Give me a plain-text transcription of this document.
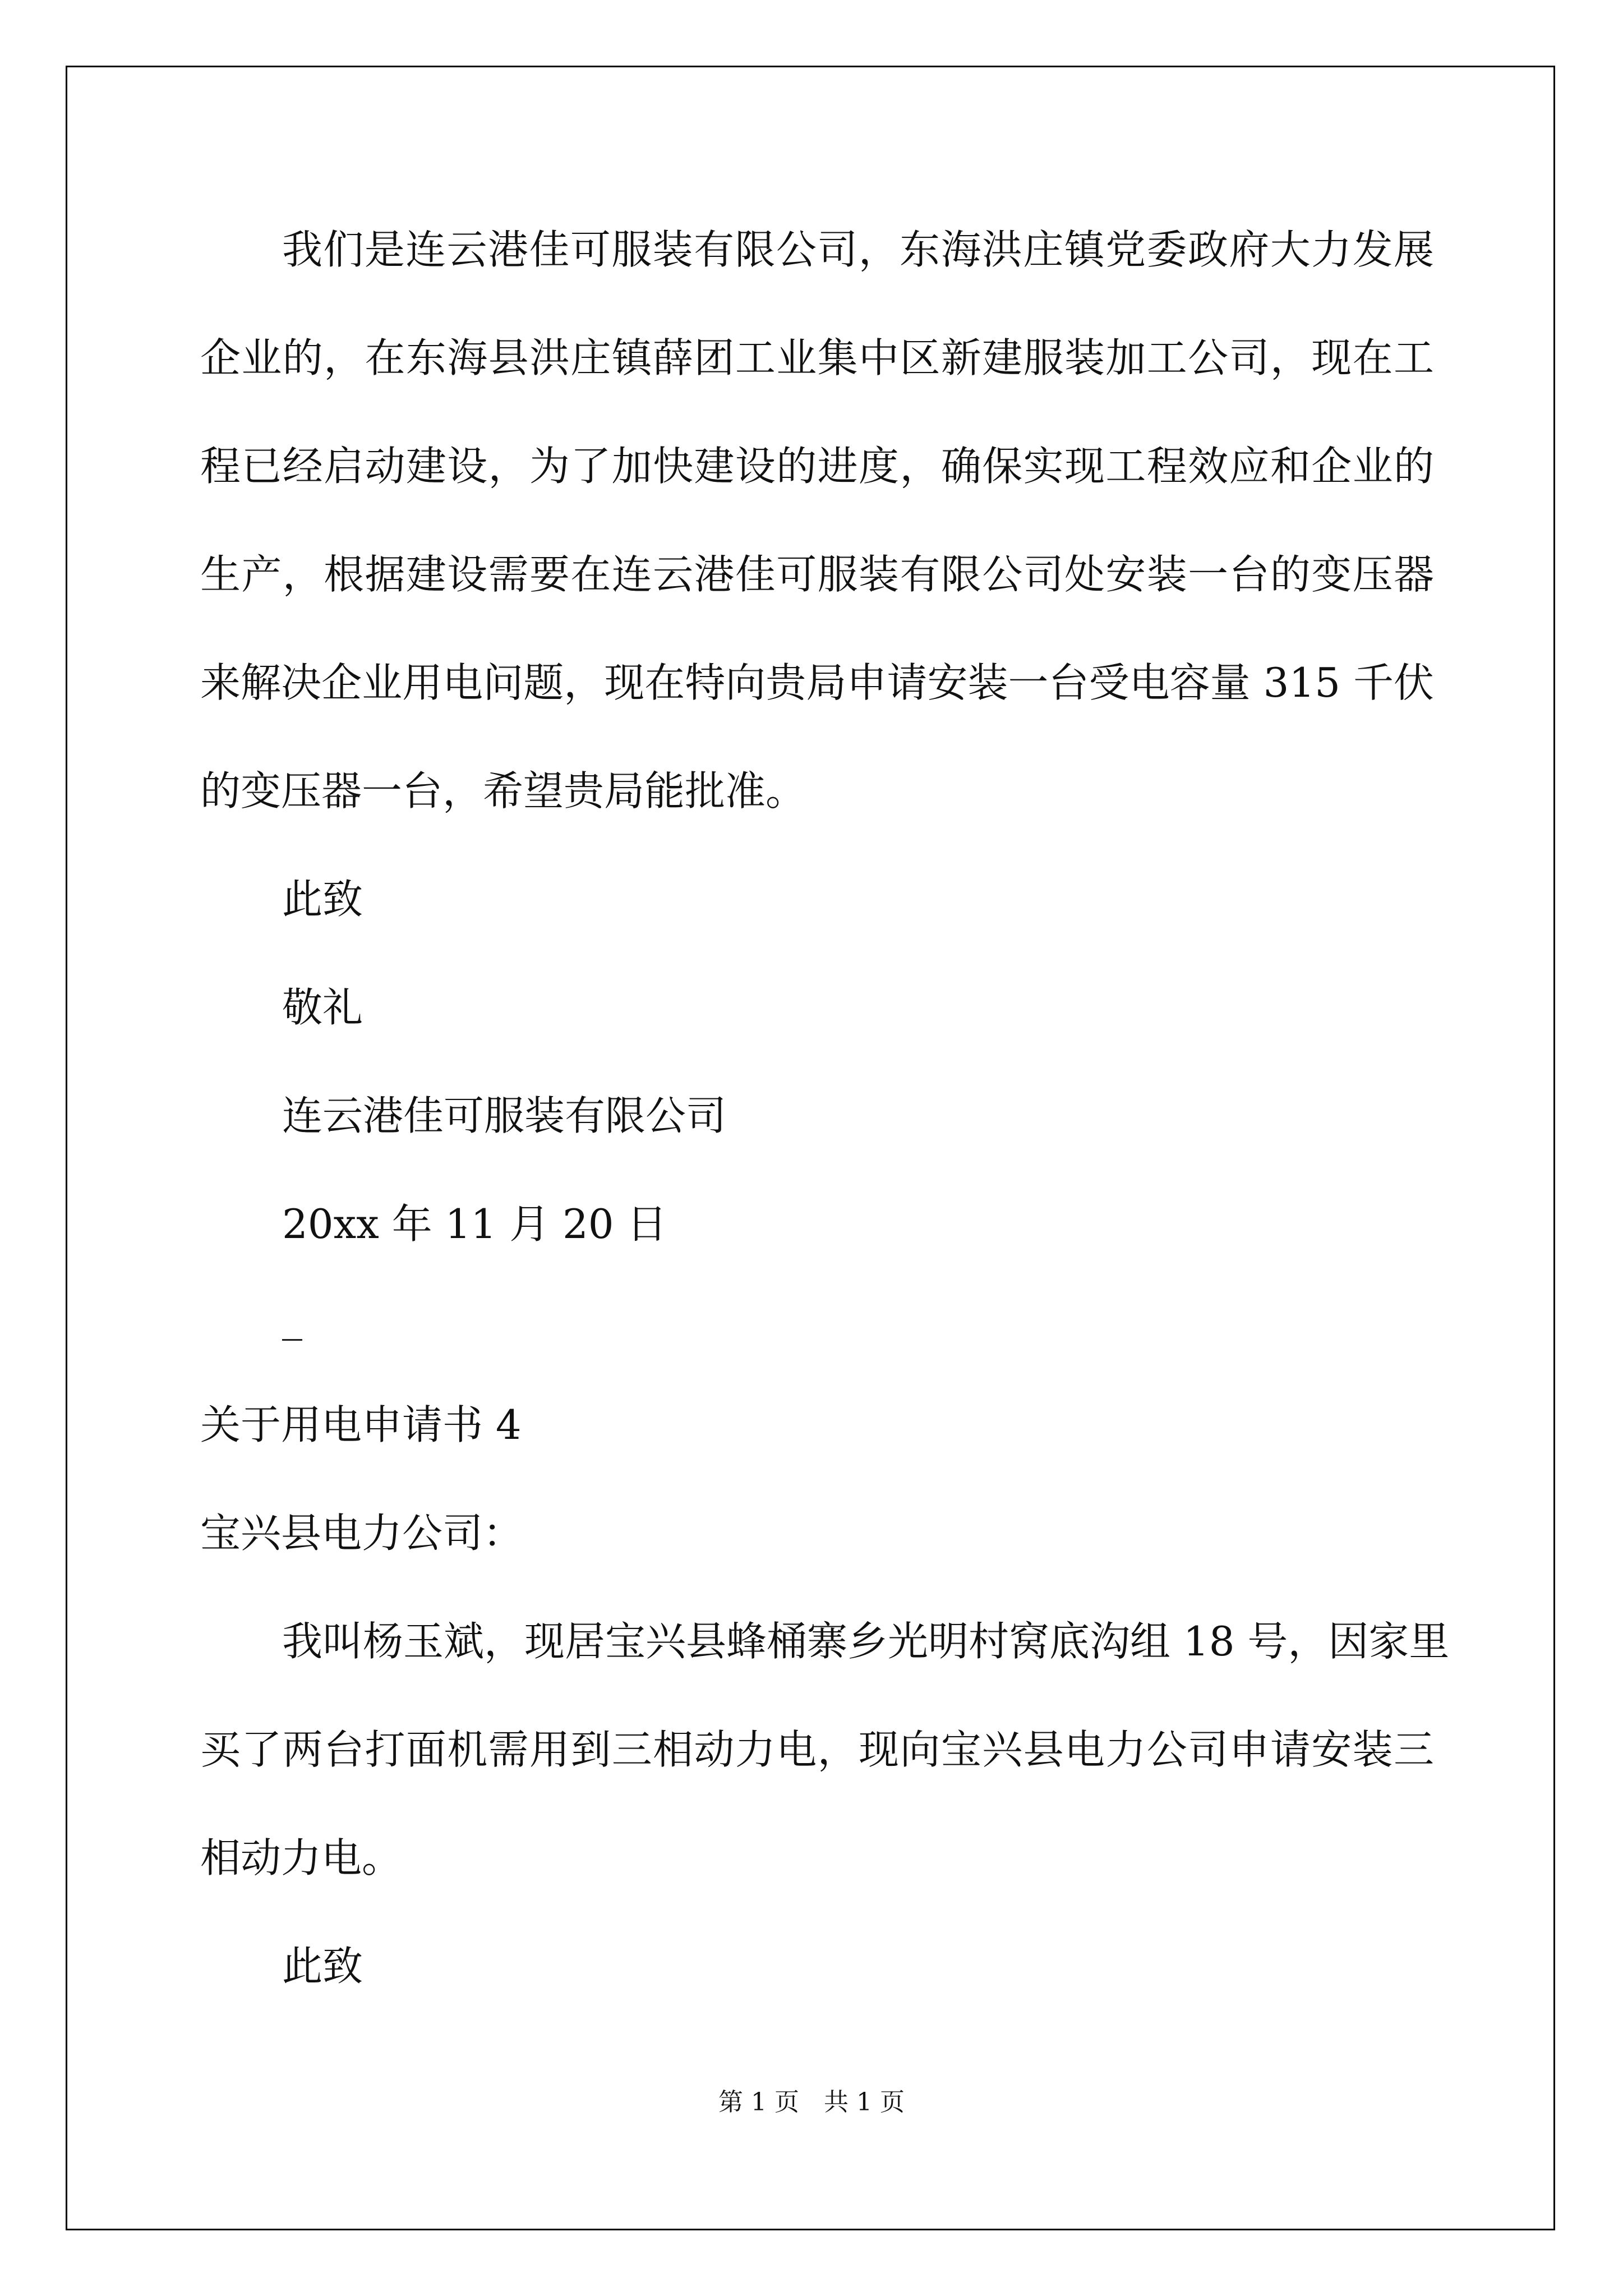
我们是连云港佳可服装有限公司，东海洪庄镇党委政府大力发展
企业的，在东海县洪庄镇薛团工业集中区新建服装加工公司，现在工
程已经启动建设，为了加快建设的进度，确保实现工程效应和企业的
生产，根据建设需要在连云港佳可服装有限公司处安装一台的变压器
来解决企业用电问题，现在特向贵局申请安装一台受电容量 315 千伏
的变压器一台，希望贵局能批准。
此致
敬礼
连云港佳可服装有限公司
20xx 年 11 月 20 日
_
关于用电申请书 4
宝兴县电力公司：
我叫杨玉斌，现居宝兴县蜂桶寨乡光明村窝底沟组 18 号，因家里
买了两台打面机需用到三相动力电，现向宝兴县电力公司申请安装三
相动力电。
此致
第 1 页　共 1 页
